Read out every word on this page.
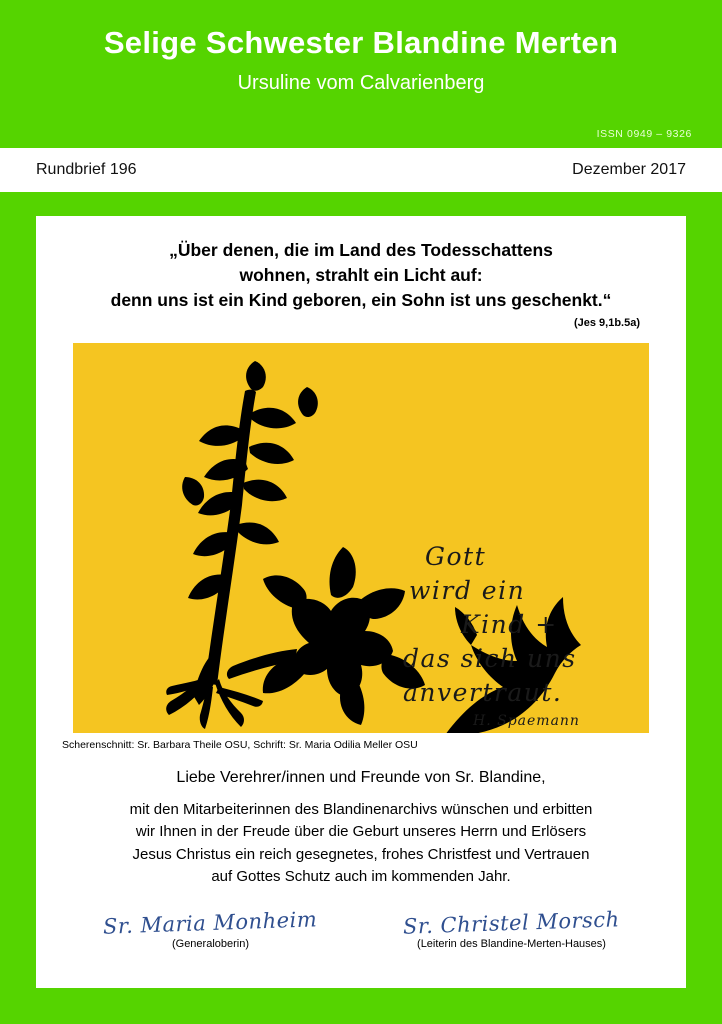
Selige Schwester Blandine Merten
Ursuline vom Calvarienberg
ISSN 0949 – 9326
Rundbrief 196	Dezember 2017
„Über denen, die im Land des Todesschattens
wohnen, strahlt ein Licht auf:
denn uns ist ein Kind geboren, ein Sohn ist uns geschenkt.“
(Jes 9,1b.5a)
Gott
wird ein
Kind +
das sich uns
anvertraut.
H. Spaemann
Scherenschnitt: Sr. Barbara Theile OSU, Schrift: Sr. Maria Odilia Meller OSU
Liebe Verehrer/innen und Freunde von Sr. Blandine,
mit den Mitarbeiterinnen des Blandinenarchivs wünschen und erbitten
wir Ihnen in der Freude über die Geburt unseres Herrn und Erlösers
Jesus Christus ein reich gesegnetes, frohes Christfest und Vertrauen
auf Gottes Schutz auch im kommenden Jahr.
Sr. Maria Monheim
(Generaloberin)
Sr. Christel Morsch
(Leiterin des Blandine-Merten-Hauses)
